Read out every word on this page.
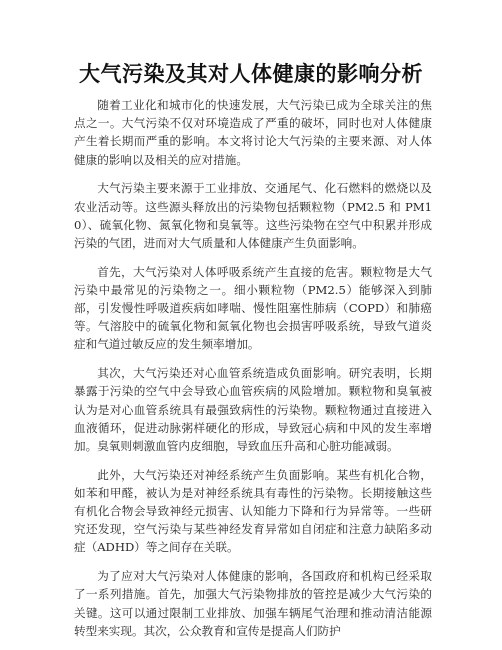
大气污染及其对人体健康的影响分析

随着工业化和城市化的快速发展，大气污染已成为全球关注的焦点之一。大气污染不仅对环境造成了严重的破坏，同时也对人体健康产生着长期而严重的影响。本文将讨论大气污染的主要来源、对人体健康的影响以及相关的应对措施。

大气污染主要来源于工业排放、交通尾气、化石燃料的燃烧以及农业活动等。这些源头释放出的污染物包括颗粒物（PM2.5 和 PM10）、硫氧化物、氮氧化物和臭氧等。这些污染物在空气中积累并形成污染的气团，进而对大气质量和人体健康产生负面影响。

首先，大气污染对人体呼吸系统产生直接的危害。颗粒物是大气污染中最常见的污染物之一。细小颗粒物（PM2.5）能够深入到肺部，引发慢性呼吸道疾病如哮喘、慢性阻塞性肺病（COPD）和肺癌等。气溶胶中的硫氧化物和氮氧化物也会损害呼吸系统，导致气道炎症和气道过敏反应的发生频率增加。

其次，大气污染还对心血管系统造成负面影响。研究表明，长期暴露于污染的空气中会导致心血管疾病的风险增加。颗粒物和臭氧被认为是对心血管系统具有最强致病性的污染物。颗粒物通过直接进入血液循环，促进动脉粥样硬化的形成，导致冠心病和中风的发生率增加。臭氧则刺激血管内皮细胞，导致血压升高和心脏功能减弱。

此外，大气污染还对神经系统产生负面影响。某些有机化合物，如苯和甲醛，被认为是对神经系统具有毒性的污染物。长期接触这些有机化合物会导致神经元损害、认知能力下降和行为异常等。一些研究还发现，空气污染与某些神经发育异常如自闭症和注意力缺陷多动症（ADHD）等之间存在关联。

为了应对大气污染对人体健康的影响，各国政府和机构已经采取了一系列措施。首先，加强大气污染物排放的管控是减少大气污染的关键。这可以通过限制工业排放、加强车辆尾气治理和推动清洁能源转型来实现。其次，公众教育和宣传是提高人们防护
